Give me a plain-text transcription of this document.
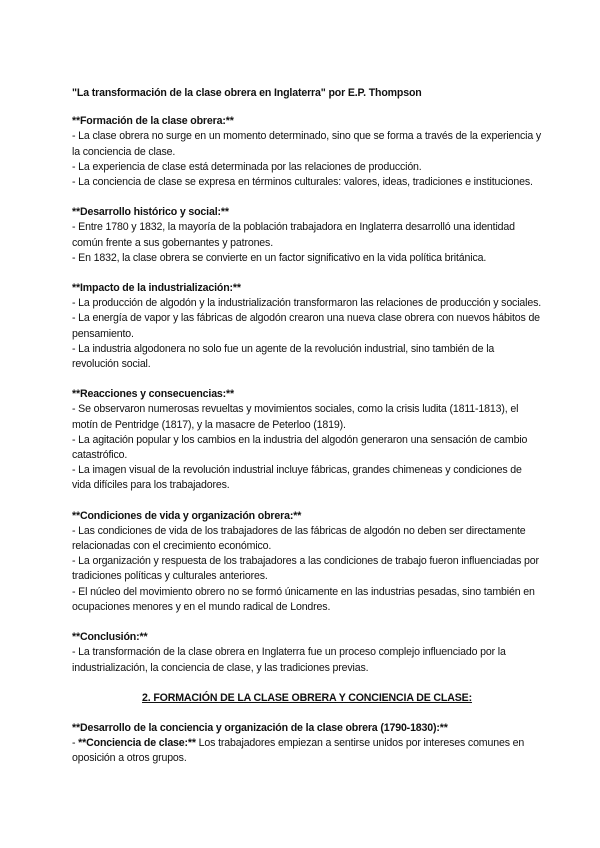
"La transformación de la clase obrera en Inglaterra" por E.P. Thompson
**Formación de la clase obrera:**
- La clase obrera no surge en un momento determinado, sino que se forma a través de la experiencia y la conciencia de clase.
- La experiencia de clase está determinada por las relaciones de producción.
- La conciencia de clase se expresa en términos culturales: valores, ideas, tradiciones e instituciones.
**Desarrollo histórico y social:**
- Entre 1780 y 1832, la mayoría de la población trabajadora en Inglaterra desarrolló una identidad común frente a sus gobernantes y patrones.
- En 1832, la clase obrera se convierte en un factor significativo en la vida política británica.
**Impacto de la industrialización:**
- La producción de algodón y la industrialización transformaron las relaciones de producción y sociales.
- La energía de vapor y las fábricas de algodón crearon una nueva clase obrera con nuevos hábitos de pensamiento.
- La industria algodonera no solo fue un agente de la revolución industrial, sino también de la revolución social.
**Reacciones y consecuencias:**
- Se observaron numerosas revueltas y movimientos sociales, como la crisis ludita (1811-1813), el motín de Pentridge (1817), y la masacre de Peterloo (1819).
- La agitación popular y los cambios en la industria del algodón generaron una sensación de cambio catastrófico.
- La imagen visual de la revolución industrial incluye fábricas, grandes chimeneas y condiciones de vida difíciles para los trabajadores.
**Condiciones de vida y organización obrera:**
- Las condiciones de vida de los trabajadores de las fábricas de algodón no deben ser directamente relacionadas con el crecimiento económico.
- La organización y respuesta de los trabajadores a las condiciones de trabajo fueron influenciadas por tradiciones políticas y culturales anteriores.
- El núcleo del movimiento obrero no se formó únicamente en las industrias pesadas, sino también en ocupaciones menores y en el mundo radical de Londres.
**Conclusión:**
- La transformación de la clase obrera en Inglaterra fue un proceso complejo influenciado por la industrialización, la conciencia de clase, y las tradiciones previas.
2. FORMACIÓN DE LA CLASE OBRERA Y CONCIENCIA DE CLASE:
**Desarrollo de la conciencia y organización de la clase obrera (1790-1830):**
- **Conciencia de clase:** Los trabajadores empiezan a sentirse unidos por intereses comunes en oposición a otros grupos.
